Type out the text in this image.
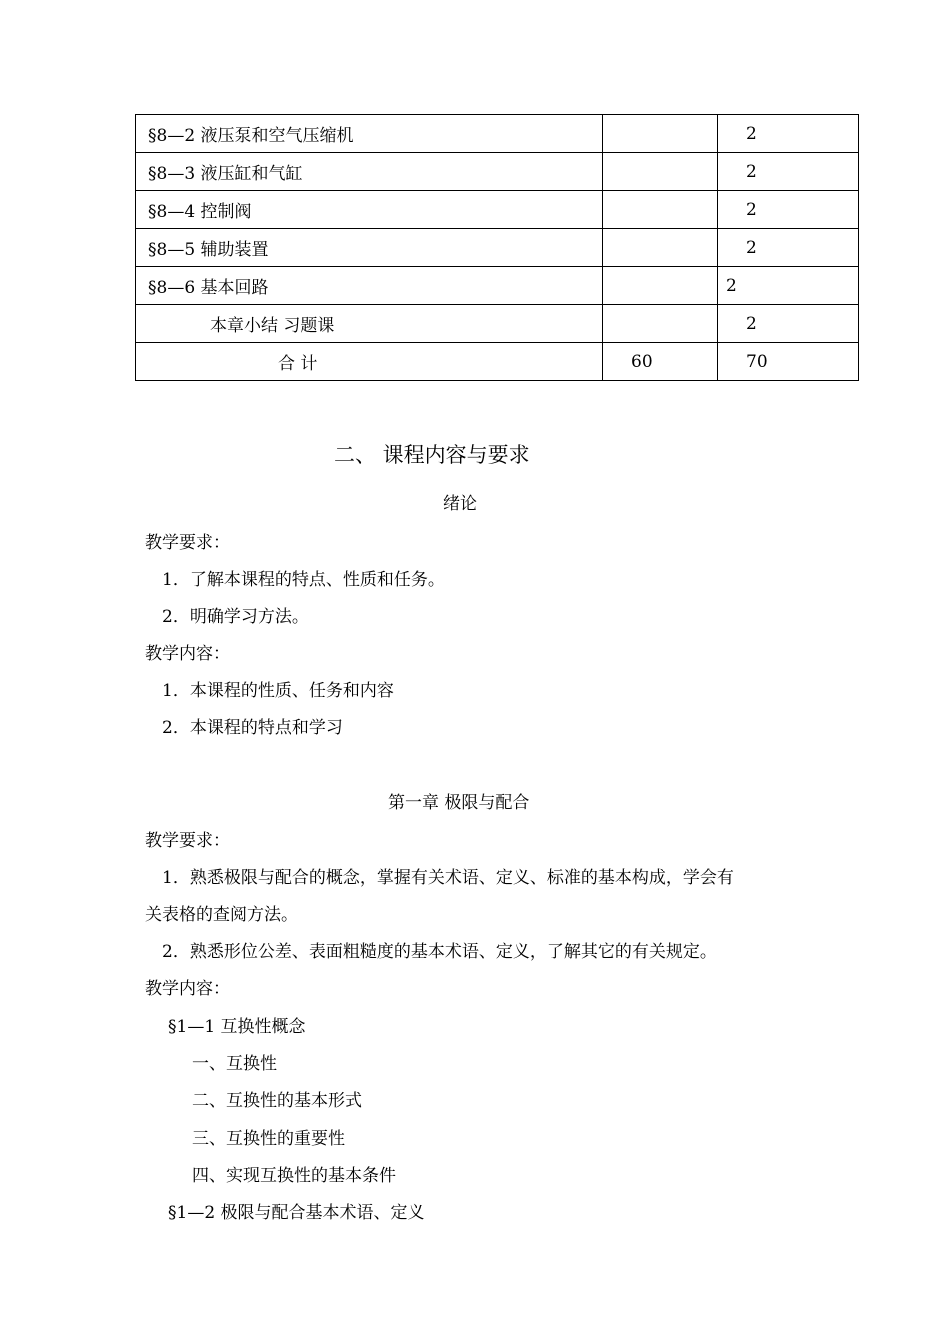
§8—2 液压泵和空气压缩机		2
§8—3 液压缸和气缸		2
§8—4 控制阀		2
§8—5 辅助装置		2
§8—6 基本回路		2
本章小结 习题课		2
合 计	60	70
二、 课程内容与要求
绪论
教学要求：
1．了解本课程的特点、性质和任务。
2．明确学习方法。
教学内容：
1．本课程的性质、任务和内容
2．本课程的特点和学习
第一章 极限与配合
教学要求：
1．熟悉极限与配合的概念，掌握有关术语、定义、标准的基本构成，学会有
关表格的查阅方法。
2．熟悉形位公差、表面粗糙度的基本术语、定义，了解其它的有关规定。
教学内容：
§1—1 互换性概念
一、互换性
二、互换性的基本形式
三、互换性的重要性
四、实现互换性的基本条件
§1—2 极限与配合基本术语、定义
